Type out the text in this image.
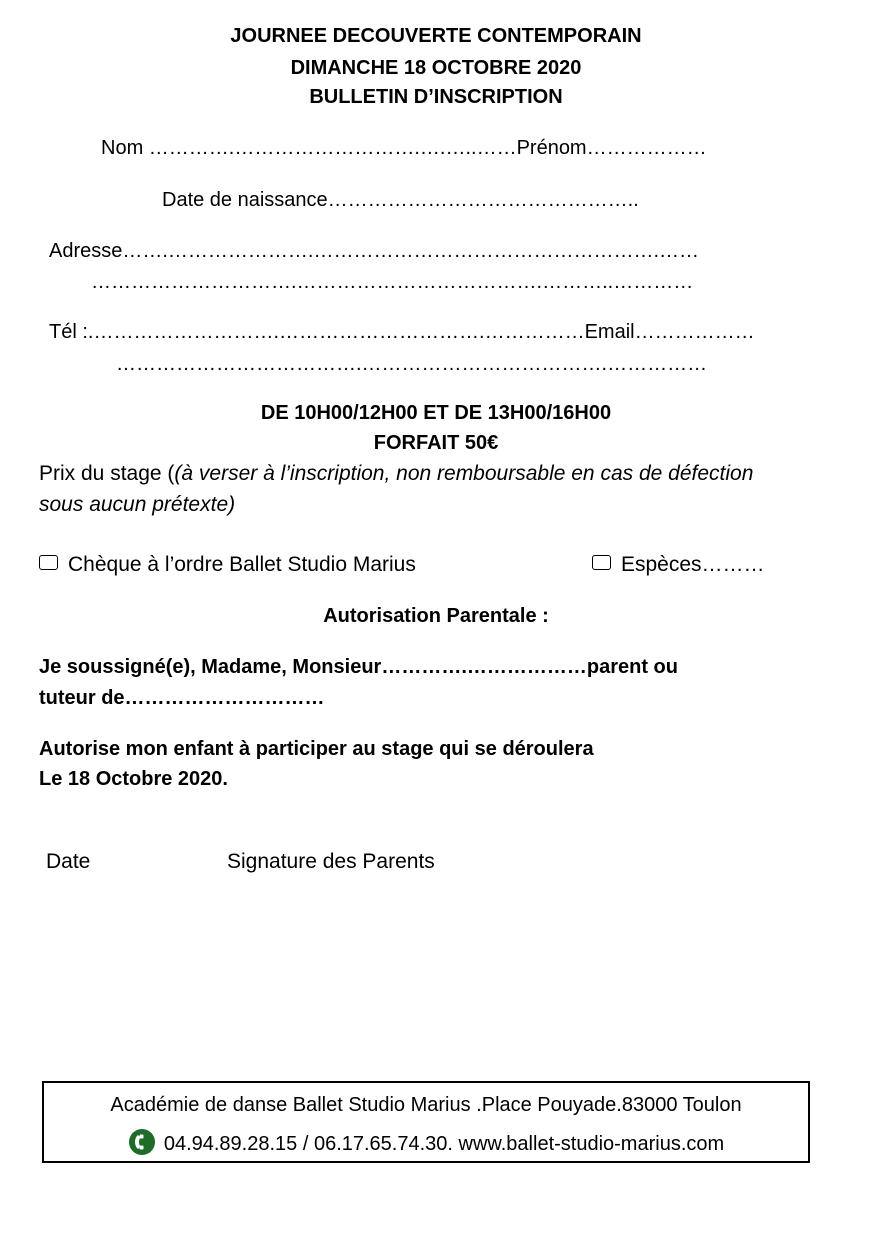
JOURNEE DECOUVERTE CONTEMPORAIN
DIMANCHE 18 OCTOBRE 2020
BULLETIN D’INSCRIPTION
Nom ………….……………………….….…..……Prénom………………
Date de naissance………………………………………..
Adresse…….………………….…………………………………………….……
………………………….……………………………….………..…………
Tél :.……………………….………………………….……………Email………………
……………………………….……………………………….……………
DE 10H00/12H00 ET DE 13H00/16H00
FORFAIT 50€
Prix du stage ((à verser à l’inscription, non remboursable en cas de défection
sous aucun prétexte)
Chèque à l’ordre Ballet Studio Marius	Espèces………
Autorisation Parentale :
Je soussigné(e), Madame, Monsieur………….………………parent ou
tuteur de…………………………
Autorise mon enfant à participer au stage qui se déroulera
Le 18 Octobre 2020.
Date	Signature des Parents
Académie de danse Ballet Studio Marius .Place Pouyade.83000 Toulon
04.94.89.28.15 / 06.17.65.74.30. www.ballet-studio-marius.com
